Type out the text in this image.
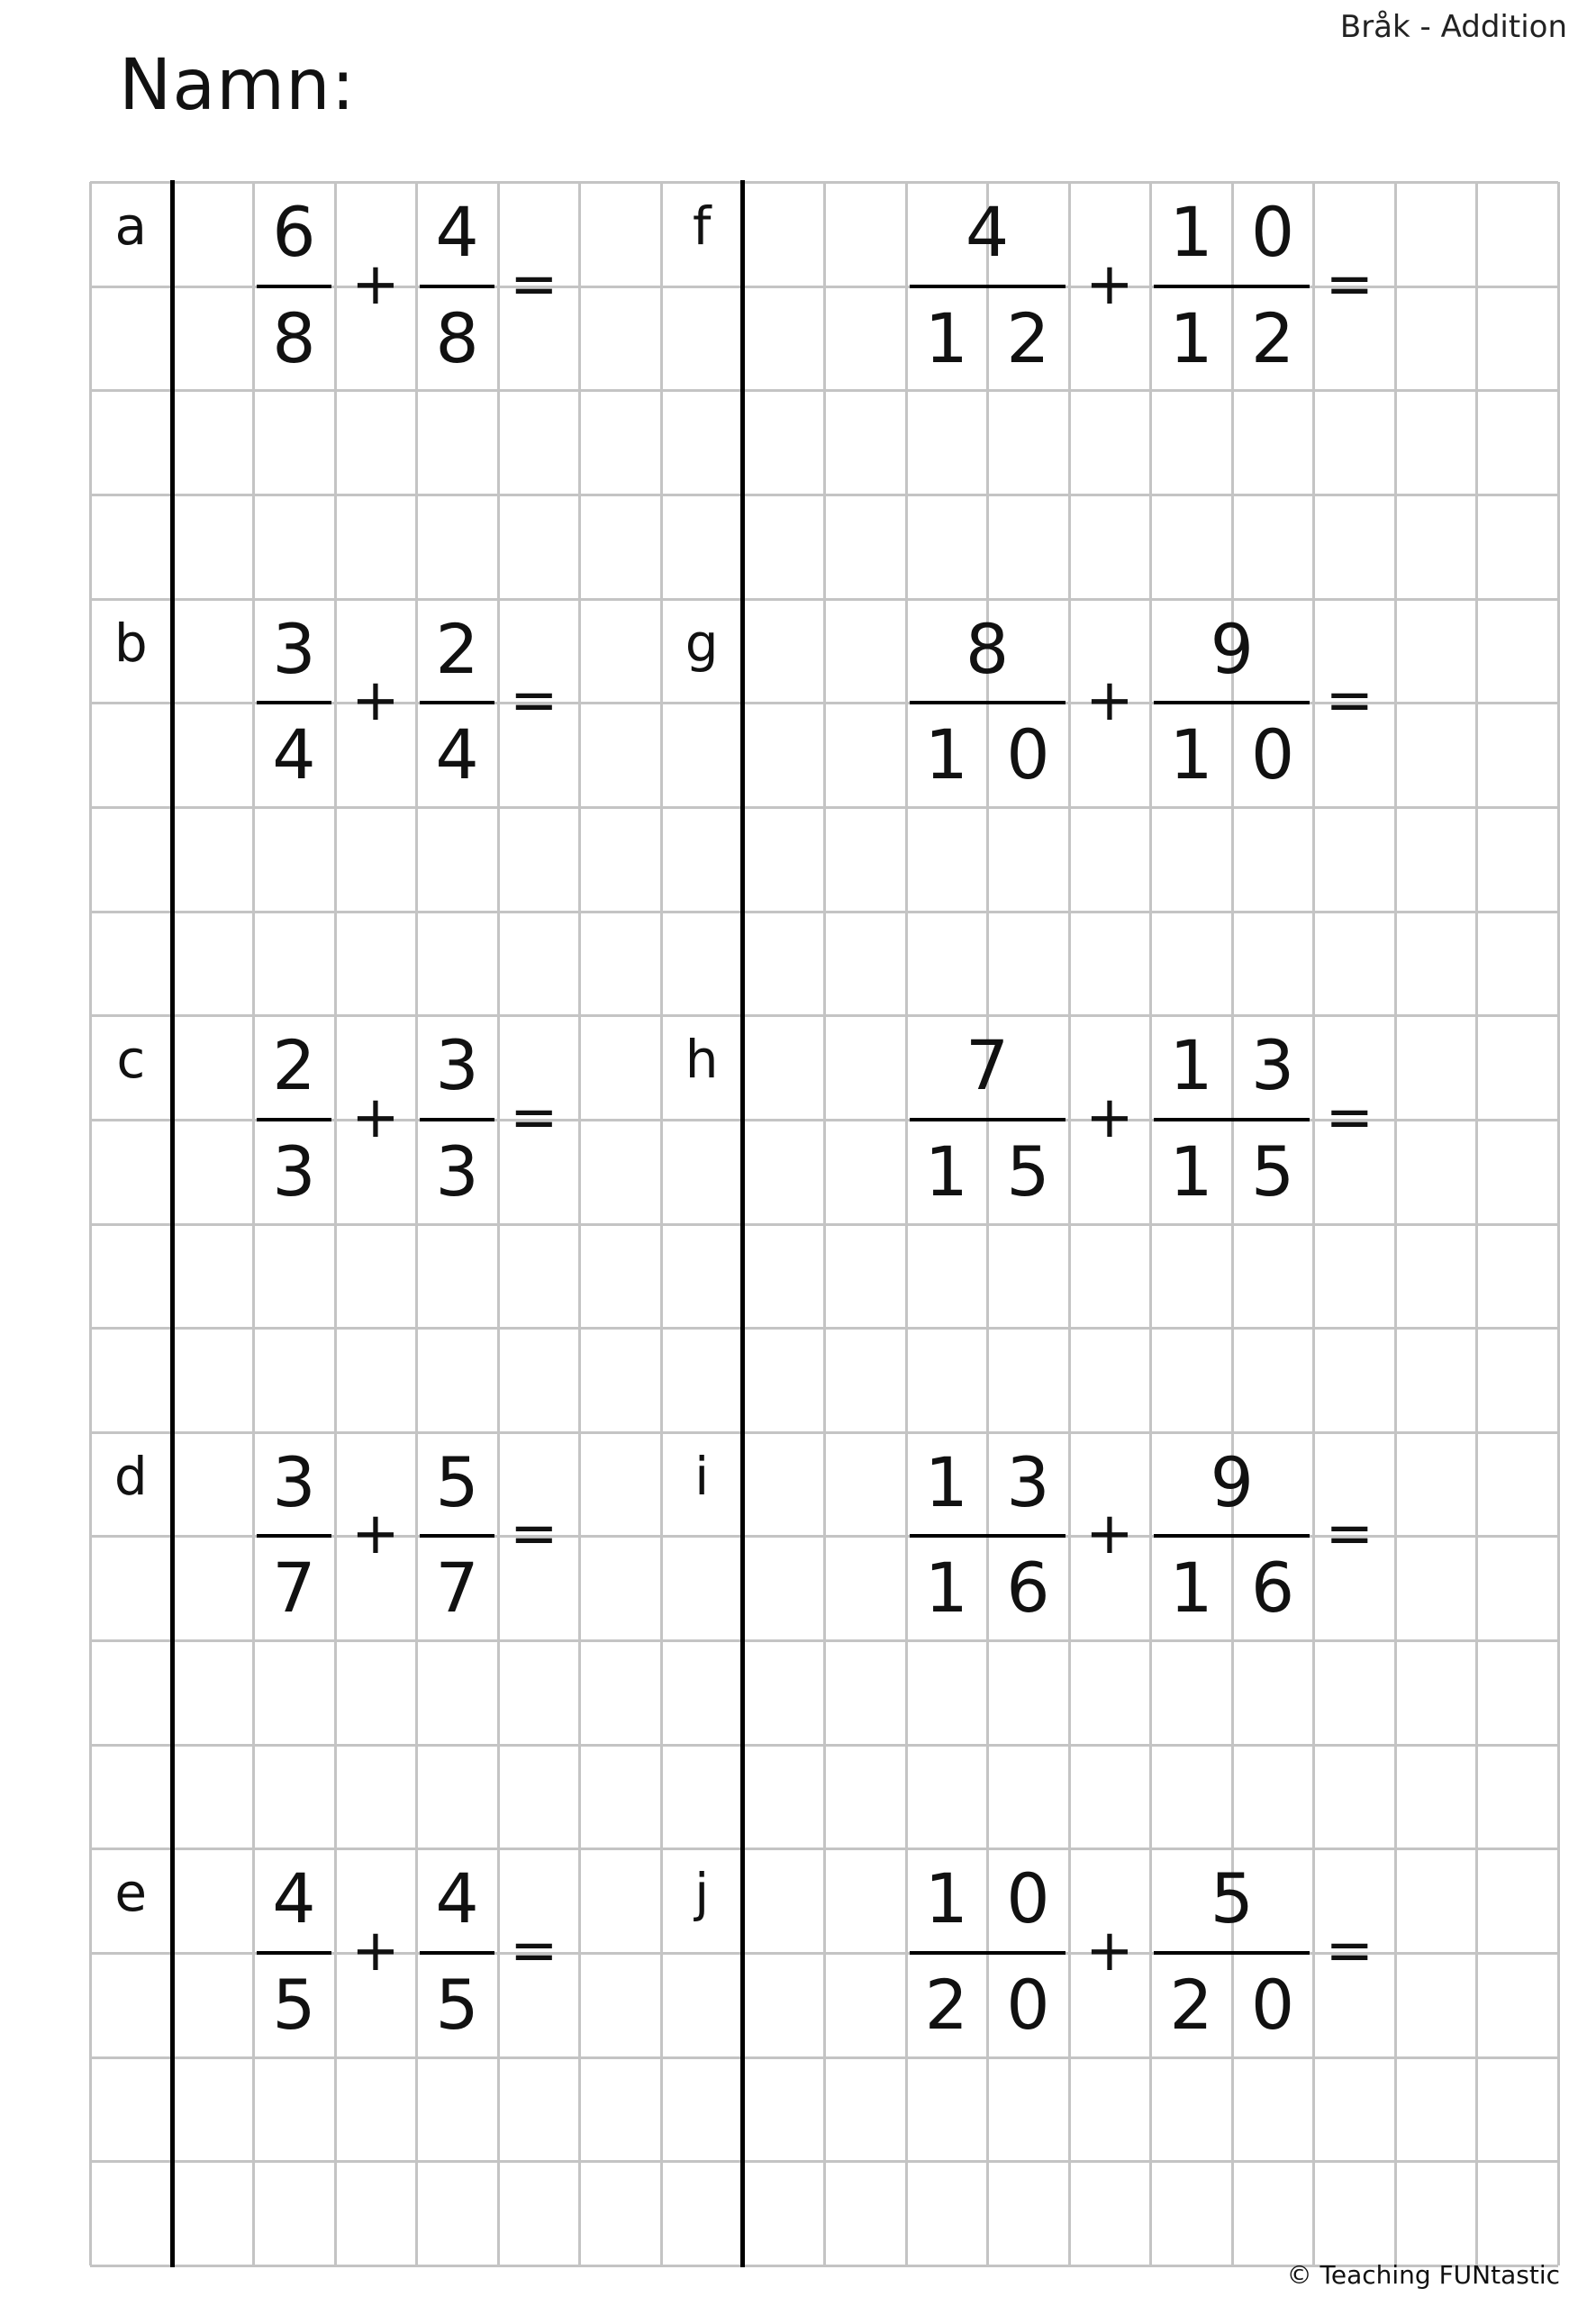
Bråk - Addition
Namn:
a	6
8
4
8
+ =
b	3
4
2
4
+ =
c	2
3
3
3
+ =
d	3
7
5
7
+ =
e	4
5
4
5
+ =
f	4
1 2
1 0
1 2
+	=
g	8
1 0
9
1 0
+	=
h	7
1 5
1 3
1 5
+	=
i	1 3
1 6
9
1 6
+	=
j	1 0
2 0
5
2 0
+	=
© Teaching FUNtastic
